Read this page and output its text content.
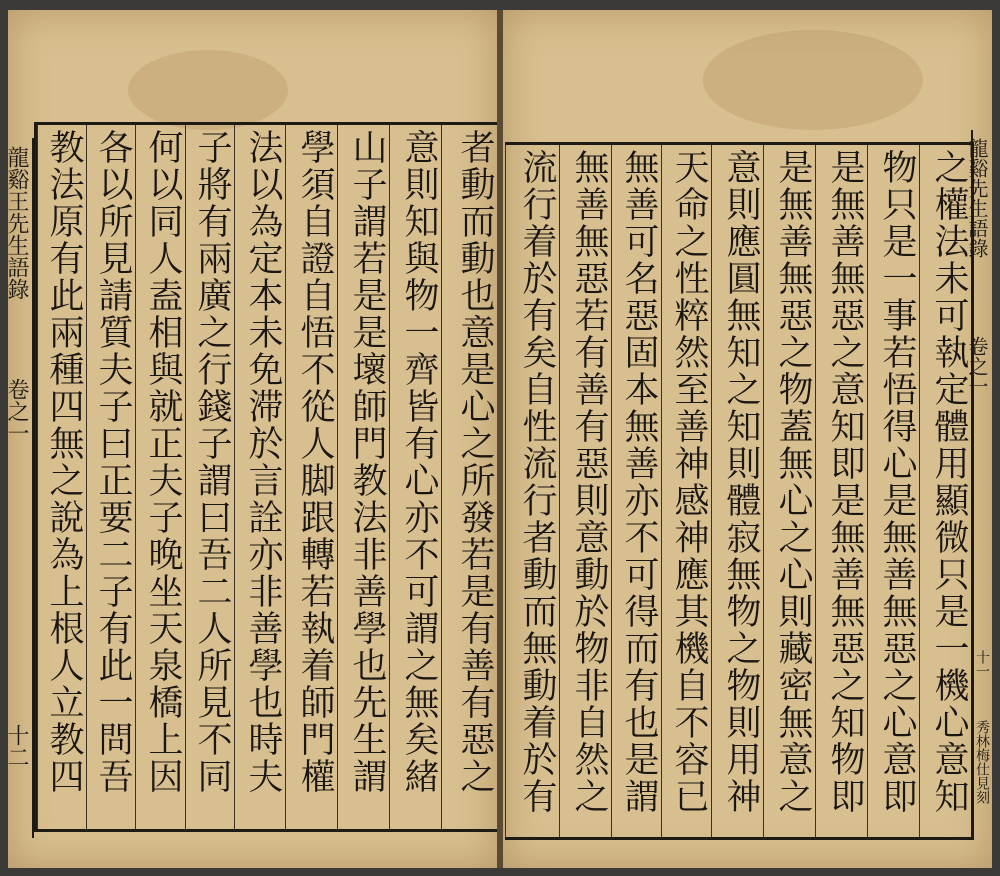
者動而動也意是心之所發若是有善有惡之
意則知與物一齊皆有心亦不可謂之無矣緒
山子謂若是是壞師門教法非善學也先生謂
學須自證自悟不從人脚跟轉若執着師門權
法以為定本未免滞於言詮亦非善學也時夫
子將有兩廣之行錢子謂曰吾二人所見不同
何以同人盍相與就正夫子晚坐天泉橋上因
各以所見請質夫子曰正要二子有此一問吾
教法原有此兩種四無之說為上根人立教四
龍谿王先生語錄  卷之一  十二	之權法未可執定體用顯微只是一機心意知
物只是一事若悟得心是無善無惡之心意即
是無善無惡之意知即是無善無惡之知物即
是無善無惡之物蓋無心之心則藏密無意之
意則應圓無知之知則體寂無物之物則用神
天命之性粹然至善神感神應其機自不容已
無善可名惡固本無善亦不可得而有也是謂
無善無惡若有善有惡則意動於物非自然之
流行着於有矣自性流行者動而無動着於有	龍谿先生語錄  卷之一
十一  秀林梅仕見刻
